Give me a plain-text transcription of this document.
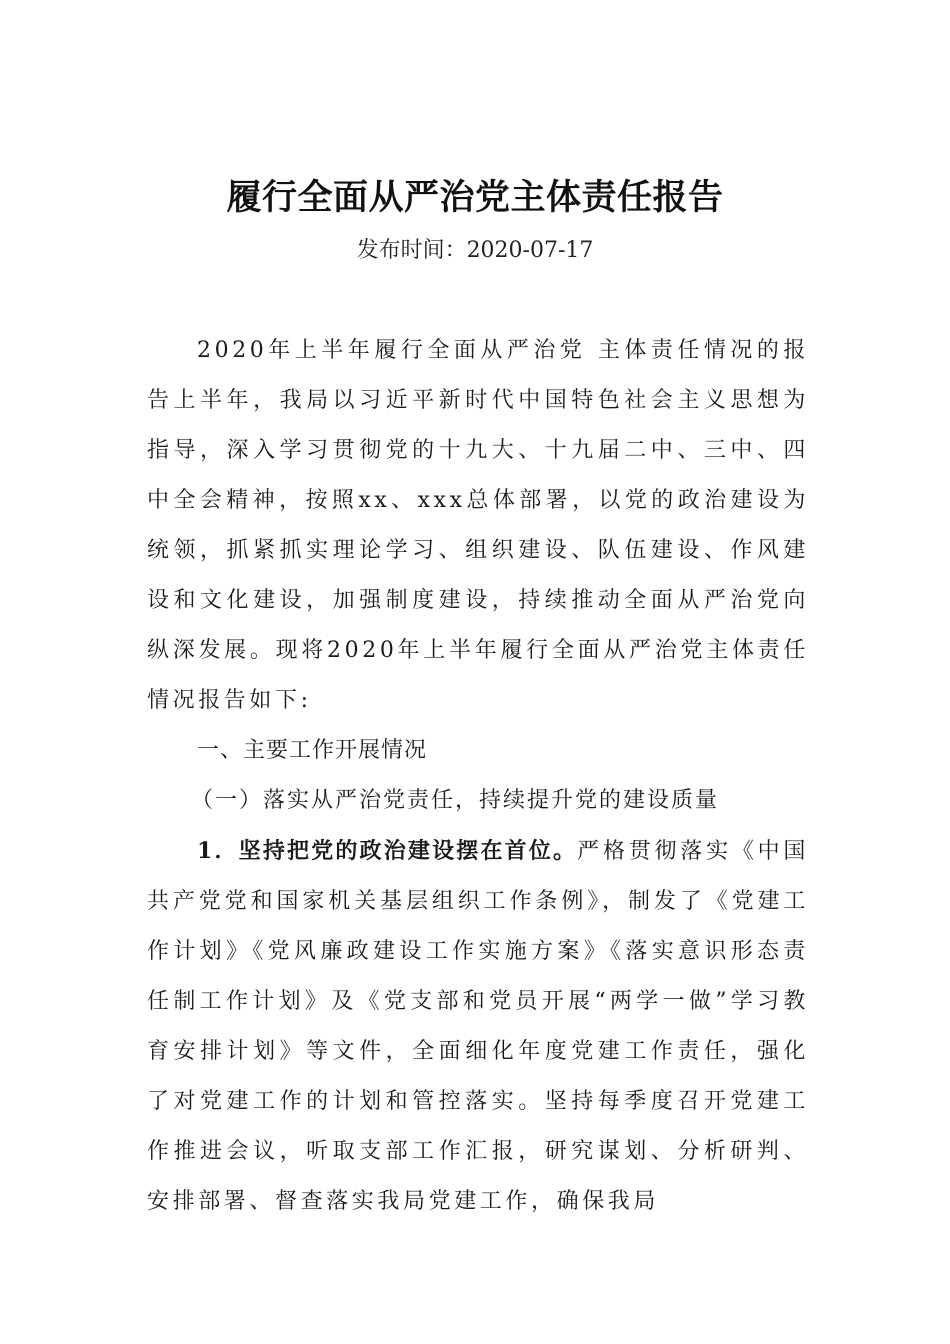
履行全面从严治党主体责任报告
发布时间：2020-07-17

2020年上半年履行全面从严治党 主体责任情况的报告上半年，我局以习近平新时代中国特色社会主义思想为指导，深入学习贯彻党的十九大、十九届二中、三中、四中全会精神，按照xx、xxx总体部署，以党的政治建设为统领，抓紧抓实理论学习、组织建设、队伍建设、作风建设和文化建设，加强制度建设，持续推动全面从严治党向纵深发展。现将2020年上半年履行全面从严治党主体责任情况报告如下:

一、主要工作开展情况

（一）落实从严治党责任，持续提升党的建设质量

1．坚持把党的政治建设摆在首位。严格贯彻落实《中国共产党党和国家机关基层组织工作条例》，制发了《党建工作计划》《党风廉政建设工作实施方案》《落实意识形态责任制工作计划》及《党支部和党员开展“两学一做”学习教育安排计划》等文件，全面细化年度党建工作责任，强化了对党建工作的计划和管控落实。坚持每季度召开党建工作推进会议，听取支部工作汇报，研究谋划、分析研判、安排部署、督查落实我局党建工作，确保我局
